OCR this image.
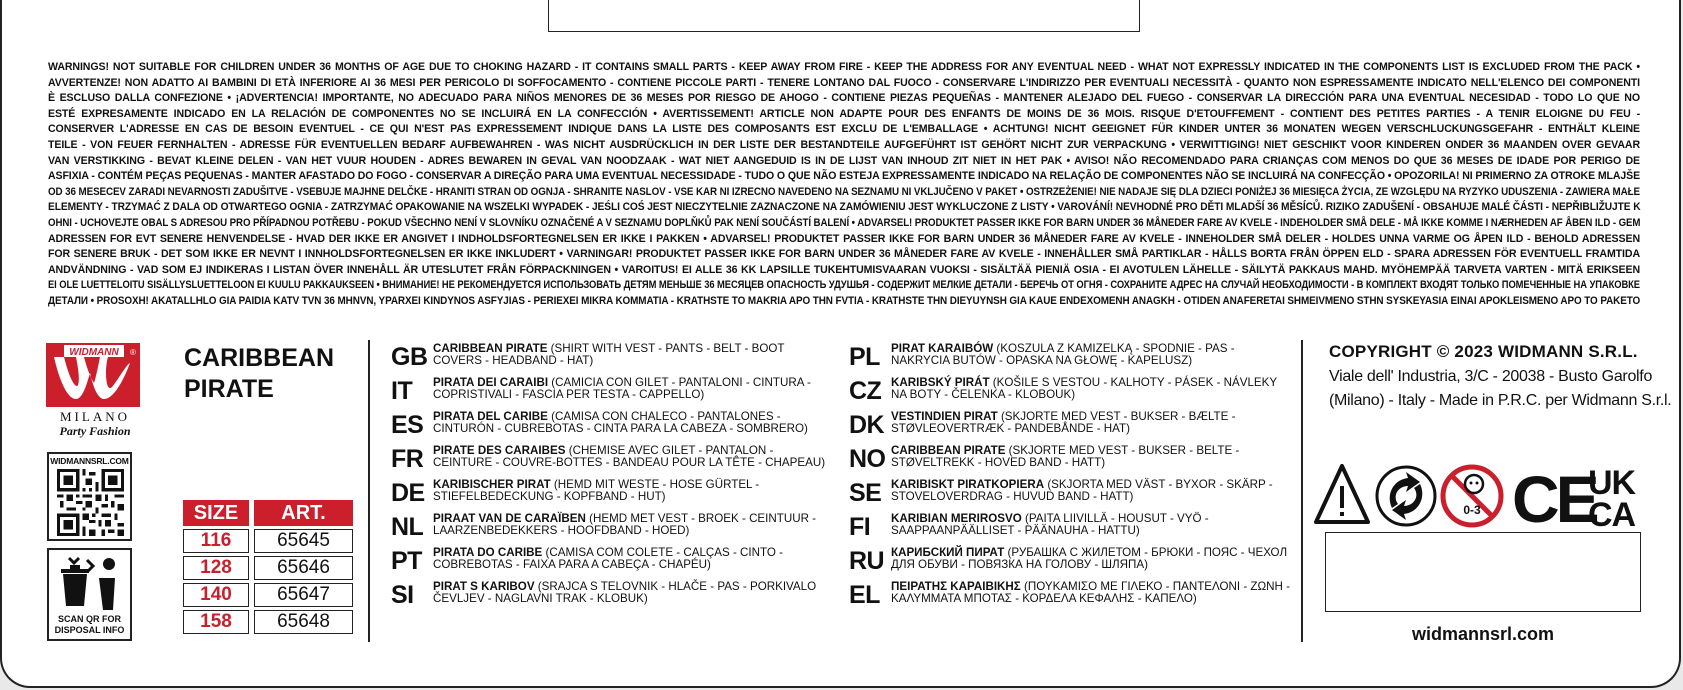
WARNINGS! NOT SUITABLE FOR CHILDREN UNDER 36 MONTHS OF AGE DUE TO CHOKING HAZARD - IT CONTAINS SMALL PARTS - KEEP AWAY FROM FIRE - KEEP THE ADDRESS FOR ANY EVENTUAL NEED - WHAT NOT EXPRESSLY INDICATED IN THE COMPONENTS LIST IS EXCLUDED FROM THE PACK •
AVVERTENZE! NON ADATTO AI BAMBINI DI ETÀ INFERIORE AI 36 MESI PER PERICOLO DI SOFFOCAMENTO - CONTIENE PICCOLE PARTI - TENERE LONTANO DAL FUOCO - CONSERVARE L'INDIRIZZO PER EVENTUALI NECESSITÀ - QUANTO NON ESPRESSAMENTE INDICATO NELL'ELENCO DEI COMPONENTI
È ESCLUSO DALLA CONFEZIONE • ¡ADVERTENCIA! IMPORTANTE, NO ADECUADO PARA NIÑOS MENORES DE 36 MESES POR RIESGO DE AHOGO - CONTIENE PIEZAS PEQUEÑAS - MANTENER ALEJADO DEL FUEGO - CONSERVAR LA DIRECCIÓN PARA UNA EVENTUAL NECESIDAD - TODO LO QUE NO
ESTÉ EXPRESAMENTE INDICADO EN LA RELACIÓN DE COMPONENTES NO SE INCLUIRÁ EN LA CONFECCIÓN • AVERTISSEMENT! ARTICLE NON ADAPTE POUR DES ENFANTS DE MOINS DE 36 MOIS. RISQUE D'ETOUFFEMENT - CONTIENT DES PETITES PARTIES - A TENIR ELOIGNE DU FEU -
CONSERVER L'ADRESSE EN CAS DE BESOIN EVENTUEL - CE QUI N'EST PAS EXPRESSEMENT INDIQUE DANS LA LISTE DES COMPOSANTS EST EXCLU DE L'EMBALLAGE • ACHTUNG! NICHT GEEIGNET FÜR KINDER UNTER 36 MONATEN WEGEN VERSCHLUCKUNGSGEFAHR - ENTHÄLT KLEINE
TEILE - VON FEUER FERNHALTEN - ADRESSE FÜR EVENTUELLEN BEDARF AUFBEWAHREN - WAS NICHT AUSDRÜCKLICH IN DER LISTE DER BESTANDTEILE AUFGEFÜHRT IST GEHÖRT NICHT ZUR VERPACKUNG • VERWITTIGING! NIET GESCHIKT VOOR KINDEREN ONDER 36 MAANDEN OVER GEVAAR
VAN VERSTIKKING - BEVAT KLEINE DELEN - VAN HET VUUR HOUDEN - ADRES BEWAREN IN GEVAL VAN NOODZAAK - WAT NIET AANGEDUID IS IN DE LIJST VAN INHOUD ZIT NIET IN HET PAK • AVISO! NÃO RECOMENDADO PARA CRIANÇAS COM MENOS DO QUE 36 MESES DE IDADE POR PERIGO DE
ASFIXIA - CONTÉM PEÇAS PEQUENAS - MANTER AFASTADO DO FOGO - CONSERVAR A DIREÇÃO PARA UMA EVENTUAL NECESSIDADE - TUDO O QUE NÃO ESTEJA EXPRESSAMENTE INDICADO NA RELAÇÃO DE COMPONENTES NÃO SE INCLUIRÁ NA CONFECÇÃO • OPOZORILA! NI PRIMERNO ZA OTROKE MLAJŠE
OD 36 MESECEV ZARADI NEVARNOSTI ZADUŠITVE - VSEBUJE MAJHNE DELČKE - HRANITI STRAN OD OGNJA - SHRANITE NASLOV - VSE KAR NI IZRECNO NAVEDENO NA SEZNAMU NI VKLJUČENO V PAKET • OSTRZEŻENIE! NIE NADAJE SIĘ DLA DZIECI PONIŻEJ 36 MIESIĘCA ŻYCIA, ZE WZGLĘDU NA RYZYKO UDUSZENIA - ZAWIERA MAŁE
ELEMENTY - TRZYMAĆ Z DALA OD OTWARTEGO OGNIA - ZATRZYMAĆ OPAKOWANIE NA WSZELKI WYPADEK - JEŚLI COŚ JEST NIECZYTELNIE ZAZNACZONE NA ZAMÓWIENIU JEST WYKLUCZONE Z LISTY • VAROVÁNÍ! NEVHODNÉ PRO DĚTI MLADŠÍ 36 MĚSÍCŮ. RIZIKO ZADUŠENÍ - OBSAHUJE MALÉ ČÁSTI - NEPŘIBLIŽUJTE K
OHNI - UCHOVEJTE OBAL S ADRESOU PRO PŘÍPADNOU POTŘEBU - POKUD VŠECHNO NENÍ V SLOVNÍKU OZNAČENÉ A V SEZNAMU DOPLŇKŮ PAK NENÍ SOUČÁSTÍ BALENÍ • ADVARSEL! PRODUKTET PASSER IKKE FOR BARN UNDER 36 MÅNEDER FARE AV KVELE - INDEHOLDER SMÅ DELE - MÅ IKKE KOMME I NÆRHEDEN AF ÅBEN ILD - GEM
ADRESSEN FOR EVT SENERE HENVENDELSE - HVAD DER IKKE ER ANGIVET I INDHOLDSFORTEGNELSEN ER IKKE I PAKKEN • ADVARSEL! PRODUKTET PASSER IKKE FOR BARN UNDER 36 MÅNEDER FARE AV KVELE - INNEHOLDER SMÅ DELER - HOLDES UNNA VARME OG ÅPEN ILD - BEHOLD ADRESSEN
FOR SENERE BRUK - DET SOM IKKE ER NEVNT I INNHOLDSFORTEGNELSEN ER IKKE INKLUDERT • VARNINGAR! PRODUKTET PASSER IKKE FOR BARN UNDER 36 MÅNEDER FARE AV KVELE - INNEHÅLLER SMÅ PARTIKLAR - HÅLLS BORTA FRÅN ÖPPEN ELD - SPARA ADRESSEN FÖR EVENTUELL FRAMTIDA
ANDVÄNDNING - VAD SOM EJ INDIKERAS I LISTAN ÖVER INNEHÅLL ÄR UTESLUTET FRÅN FÖRPACKNINGEN • VAROITUS! EI ALLE 36 KK LAPSILLE TUKEHTUMISVAARAN VUOKSI - SISÄLTÄÄ PIENIÄ OSIA - EI AVOTULEN LÄHELLE - SÄILYTÄ PAKKAUS MAHD. MYÖHEMPÄÄ TARVETA VARTEN - MITÄ ERIKSEEN
EI OLE LUETTELOITU SISÄLLYSLUETTELOON EI KUULU PAKKAUKSEEN • ВНИМАНИЕ! НЕ РЕКОМЕНДУЕТСЯ ИСПОЛЬЗОВАТЬ ДЕТЯМ МЕНЬШЕ 36 МЕСЯЦЕВ ОПАСНОСТЬ УДУШЬЯ - СОДЕРЖИТ МЕЛКИЕ ДЕТАЛИ - БЕРЕЧЬ ОТ ОГНЯ - СОХРАНИТЕ АДРЕС НА СЛУЧАЙ НЕОБХОДИМОСТИ - В КОМПЛЕКТ ВХОДЯТ ТОЛЬКО ПОМЕЧЕННЫЕ НА УПАКОВКЕ
ДЕТАЛИ • PROSOXH! AKATALLHLO GIA PAIDIA KATV TVN 36 MHNVN, YPARXEI KINDYNOS ASFYJIAS - PERIEXEI MIKRA KOMMATIA - KRATHSTE TO MAKRIA APO THN FVTIA - KRATHSTE THN DIEYUYNSH GIA KAUE ENDEXOMENH ANAGKH - OTIDEN ANAFERETAI SHMEIVMENO STHN SYSKEYASIA EINAI APOKLEISMENO APO TO PAKETO
WIDMANN ®
MILANO
Party Fashion
WIDMANNSRL.COM
SCAN QR FOR
DISPOSAL INFO
CARIBBEAN
PIRATE
SIZE	ART.
116	65645
128	65646
140	65647
158	65648
GB CARIBBEAN PIRATE (SHIRT WITH VEST - PANTS - BELT - BOOT COVERS - HEADBAND - HAT)
IT	PIRATA DEI CARAIBI (CAMICIA CON GILET - PANTALONI - CINTURA - COPRISTIVALI - FASCIA PER TESTA - CAPPELLO)
ES PIRATA DEL CARIBE (CAMISA CON CHALECO - PANTALONES - CINTURÓN - CUBREBOTAS - CINTA PARA LA CABEZA - SOMBRERO)
FR PIRATE DES CARAIBES (CHEMISE AVEC GILET - PANTALON - CEINTURE - COUVRE-BOTTES - BANDEAU POUR LA TÊTE - CHAPEAU)
DE KARIBISCHER PIRAT (HEMD MIT WESTE - HOSE GÜRTEL - STIEFELBEDECKUNG - KOPFBAND - HUT)
NL PIRAAT VAN DE CARAÏBEN (HEMD MET VEST - BROEK - CEINTUUR - LAARZENBEDEKKERS - HOOFDBAND - HOED)
PT PIRATA DO CARIBE (CAMISA COM COLETE - CALÇAS - CINTO - COBREBOTAS - FAIXA PARA A CABEÇA - CHAPÉU)
SI	PIRAT S KARIBOV (SRAJCA S TELOVNIK - HLAČE - PAS - PORKIVALO ČEVLJEV - NAGLAVNI TRAK - KLOBUK)
PL PIRAT KARAIBÓW (KOSZULA Z KAMIZELKĄ - SPODNIE - PAS - NAKRYCIA BUTÓW - OPASKA NA GŁOWĘ - KAPELUSZ)
CZ KARIBSKÝ PIRÁT (KOŠILE S VESTOU - KALHOTY - PÁSEK - NÁVLEKY NA BOTY - ČELENKA - KLOBOUK)
DK VESTINDIEN PIRAT (SKJORTE MED VEST - BUKSER - BÆLTE - STØVLEOVERTRÆK - PANDEBÅNDE - HAT)
NO CARIBBEAN PIRATE (SKJORTE MED VEST - BUKSER - BELTE - STØVELTREKK - HOVED BAND - HATT)
SE KARIBISKT PIRATKOPIERA (SKJORTA MED VÄST - BYXOR - SKÄRP - STOVELOVERDRAG - HUVUD BAND - HATT)
FI	KARIBIAN MERIROSVO (PAITA LIIVILLÄ - HOUSUT - VYÖ - SAAPPAANPÄÄLLISET - PÄÄNAUHA - HATTU)
RU КАРИБСКИЙ ПИРАТ (РУБАШКА С ЖИЛЕТОМ - БРЮКИ - ПОЯС - ЧЕХОЛ ДЛЯ ОБУВИ - ПОВЯЗКА НА ГОЛОВУ - ШЛЯПА)
EL ΠΕΙΡΑΤΗΣ ΚΑΡΑΙΒΙΚΗΣ (ΠΟΥΚΑΜΙΣΟ ΜΕ ΓΙΛΕΚΟ - ΠΑΝΤΕΛΟΝΙ - ΖΩΝΗ - ΚΑΛΥΜΜΑΤΑ ΜΠΟΤΑΣ - ΚΟΡΔΕΛΑ ΚΕΦΑΛΗΣ - ΚΑΠΕΛΟ)
COPYRIGHT © 2023 WIDMANN S.R.L.
Viale dell' Industria, 3/C - 20038 - Busto Garolfo
(Milano) - Italy - Made in P.R.C. per Widmann S.r.l.
0-3 CE
UK
CA
widmannsrl.com
